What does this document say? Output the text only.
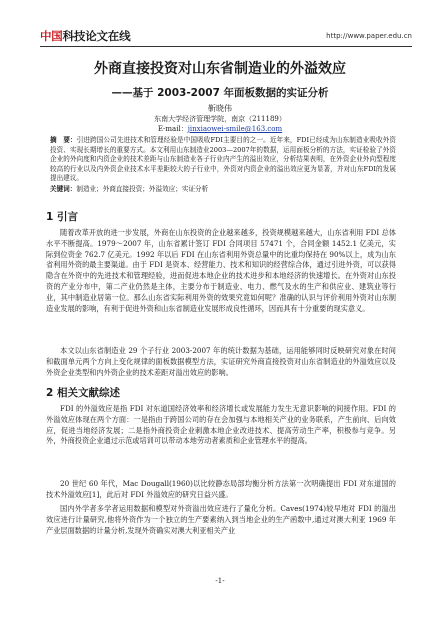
中国科技论文在线	http://www.paper.edu.cn
外商直接投资对山东省制造业的外溢效应
——基于 2003-2007 年面板数据的实证分析
靳晓伟
东南大学经济管理学院，南京（211189）
E-mail：jinxiaowei-smile@163.com
摘　要：引进跨国公司先进技术和管理经验是中国吸收FDI主要目的之一。近年来，FDI已经成为山东制造业吸收外资投资、实现长期增长的重要方式。本文利用山东制造业2003—2007年的数据，运用面板分析的方法，实证检验了外资企业的外向度和内资企业的技术差距与山东制造业各子行业内产生的溢出效应，分析结果表明，在外资企业外向型程度较高的行业以及内外资企业技术水平差距较大的子行业中，外资对内资企业的溢出效应更为显著，并对山东FDI的发展提出建议。
关键词：制造业；外商直接投资；外溢效应；实证分析
1 引言

随着改革开放的进一步发展，外商在山东投资的企业越来越多，投资规模越来越大，山东省利用 FDI 总体水平不断提高。1979～2007 年，山东省累计签订 FDI 合同项目 57471 个，合同金额 1452.1 亿美元，实际到位资金 762.7 亿美元。1992 年以后 FDI 在山东省利用外资总量中的比重均保持在 90%以上，成为山东省利用外资的最主要渠道。由于 FDI 是资本、经营能力、技术和知识的经营综合体，通过引进外资，可以获得隐含在外资中的先进技术和管理经验，进而促进本地企业的技术进步和本地经济的快速增长。在外资对山东投资的产业分布中，第二产业仍然是主体，主要分布于制造业、电力、燃气及水的生产和供应业、建筑业等行业，其中制造业居第一位。那么山东省实际利用外资的效果究竟如何呢？准确的认识与评价利用外资对山东制造业发展的影响，有利于促进外资和山东省制造业发展形成良性循环，因而具有十分重要的现实意义。

本文以山东省制造业 29 个子行业 2003-2007 年的统计数据为基础，运用能够同时反映研究对象在时间和截面单元两个方向上变化规律的面板数据模型方法，实证研究外商直接投资对山东省制造业的外溢效应以及外资企业类型和内外资企业的技术差距对溢出效应的影响。

2 相关文献综述

FDI 的外溢效应是指 FDI 对东道国经济效率和经济增长或发展能力发生无意识影响的间接作用。FDI 的外溢效应体现在两个方面：一是指由于跨国公司的存在会加强与本地相关产业的业务联系，产生前向、后向效应，促进当地经济发展；二是指外商投资企业刺激本地企业改进技术、提高劳动生产率，积极参与竞争。另外，外商投资企业通过示范或培训可以带动本地劳动者素质和企业管理水平的提高。

20 世纪 60 年代，Mac Dougall(1960)以比较静态局部均衡分析方法第一次明确提出 FDI 对东道国的技术外溢效应[1]，此后对 FDI 外溢效应的研究日益兴盛。

国内外学者多学者运用数据和模型对外资溢出效应进行了量化分析。Caves(1974)较早地对 FDI 的溢出效应进行计量研究,他将外资作为一个独立的生产要素纳入到当地企业的生产函数中,通过对澳大利亚 1969 年产业层面数据的计量分析,发现外资确实对澳大利亚相关产业

-1-
